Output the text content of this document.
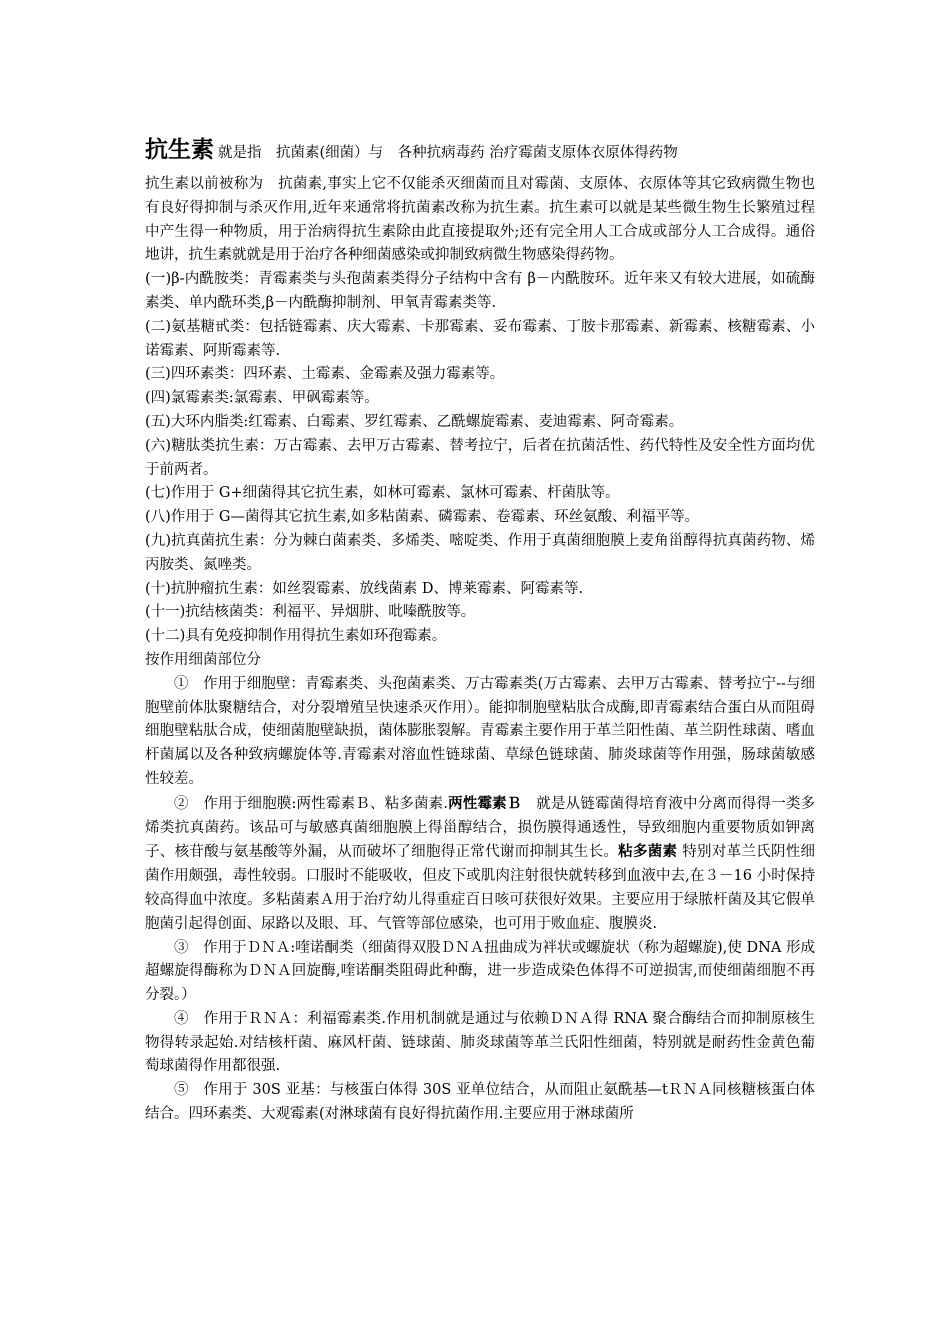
抗生素 就是指　抗菌素(细菌）与　各种抗病毒药 治疗霉菌支原体衣原体得药物

抗生素以前被称为　抗菌素,事实上它不仅能杀灭细菌而且对霉菌、支原体、衣原体等其它致病微生物也有良好得抑制与杀灭作用,近年来通常将抗菌素改称为抗生素。抗生素可以就是某些微生物生长繁殖过程中产生得一种物质，用于治病得抗生素除由此直接提取外;还有完全用人工合成或部分人工合成得。通俗地讲，抗生素就就是用于治疗各种细菌感染或抑制致病微生物感染得药物。

(一)β-内酰胺类：青霉素类与头孢菌素类得分子结构中含有 β－内酰胺环。近年来又有较大进展，如硫酶素类、单内酰环类,β－内酰酶抑制剂、甲氧青霉素类等.

(二)氨基糖甙类：包括链霉素、庆大霉素、卡那霉素、妥布霉素、丁胺卡那霉素、新霉素、核糖霉素、小诺霉素、阿斯霉素等.

(三)四环素类：四环素、土霉素、金霉素及强力霉素等。

(四)氯霉素类:氯霉素、甲砜霉素等。

(五)大环内脂类:红霉素、白霉素、罗红霉素、乙酰螺旋霉素、麦迪霉素、阿奇霉素。

(六)糖肽类抗生素：万古霉素、去甲万古霉素、替考拉宁，后者在抗菌活性、药代特性及安全性方面均优于前两者。

(七)作用于 G+细菌得其它抗生素，如林可霉素、氯林可霉素、杆菌肽等。

(八)作用于 G—菌得其它抗生素,如多粘菌素、磷霉素、卷霉素、环丝氨酸、利福平等。

(九)抗真菌抗生素：分为棘白菌素类、多烯类、嘧啶类、作用于真菌细胞膜上麦角甾醇得抗真菌药物、烯丙胺类、氮唑类。

(十)抗肿瘤抗生素：如丝裂霉素、放线菌素 D、博莱霉素、阿霉素等.

(十一)抗结核菌类：利福平、异烟肼、吡嗪酰胺等。

(十二)具有免疫抑制作用得抗生素如环孢霉素。

按作用细菌部位分

①　作用于细胞壁：青霉素类、头孢菌素类、万古霉素类(万古霉素、去甲万古霉素、替考拉宁--与细胞壁前体肽聚糖结合，对分裂增殖呈快速杀灭作用）。能抑制胞壁粘肽合成酶,即青霉素结合蛋白从而阻碍细胞壁粘肽合成，使细菌胞壁缺损，菌体膨胀裂解。青霉素主要作用于革兰阳性菌、革兰阴性球菌、嗜血杆菌属以及各种致病螺旋体等.青霉素对溶血性链球菌、草绿色链球菌、肺炎球菌等作用强，肠球菌敏感性较差。

②　作用于细胞膜:两性霉素Ｂ、粘多菌素.两性霉素Ｂ　就是从链霉菌得培育液中分离而得得一类多烯类抗真菌药。该品可与敏感真菌细胞膜上得甾醇结合，损伤膜得通透性，导致细胞内重要物质如钾离子、核苷酸与氨基酸等外漏，从而破坏了细胞得正常代谢而抑制其生长。粘多菌素 特别对革兰氏阴性细菌作用颇强，毒性较弱。口服时不能吸收，但皮下或肌肉注射很快就转移到血液中去,在３－16 小时保持较高得血中浓度。多粘菌素Ａ用于治疗幼儿得重症百日咳可获很好效果。主要应用于绿脓杆菌及其它假单胞菌引起得创面、尿路以及眼、耳、气管等部位感染，也可用于败血症、腹膜炎.

③　作用于ＤＮＡ:喹诺酮类（细菌得双股ＤＮＡ扭曲成为袢状或螺旋状（称为超螺旋),使 DNA 形成超螺旋得酶称为ＤＮＡ回旋酶,喹诺酮类阻碍此种酶，进一步造成染色体得不可逆损害,而使细菌细胞不再分裂。）

④　作用于ＲＮＡ：利福霉素类.作用机制就是通过与依赖ＤＮＡ得 RNA 聚合酶结合而抑制原核生物得转录起始.对结核杆菌、麻风杆菌、链球菌、肺炎球菌等革兰氏阳性细菌，特别就是耐药性金黄色葡萄球菌得作用都很强.

⑤　作用于 30S 亚基：与核蛋白体得 30S 亚单位结合，从而阻止氨酰基—tＲＮＡ同核糖核蛋白体结合。四环素类、大观霉素(对淋球菌有良好得抗菌作用.主要应用于淋球菌所
